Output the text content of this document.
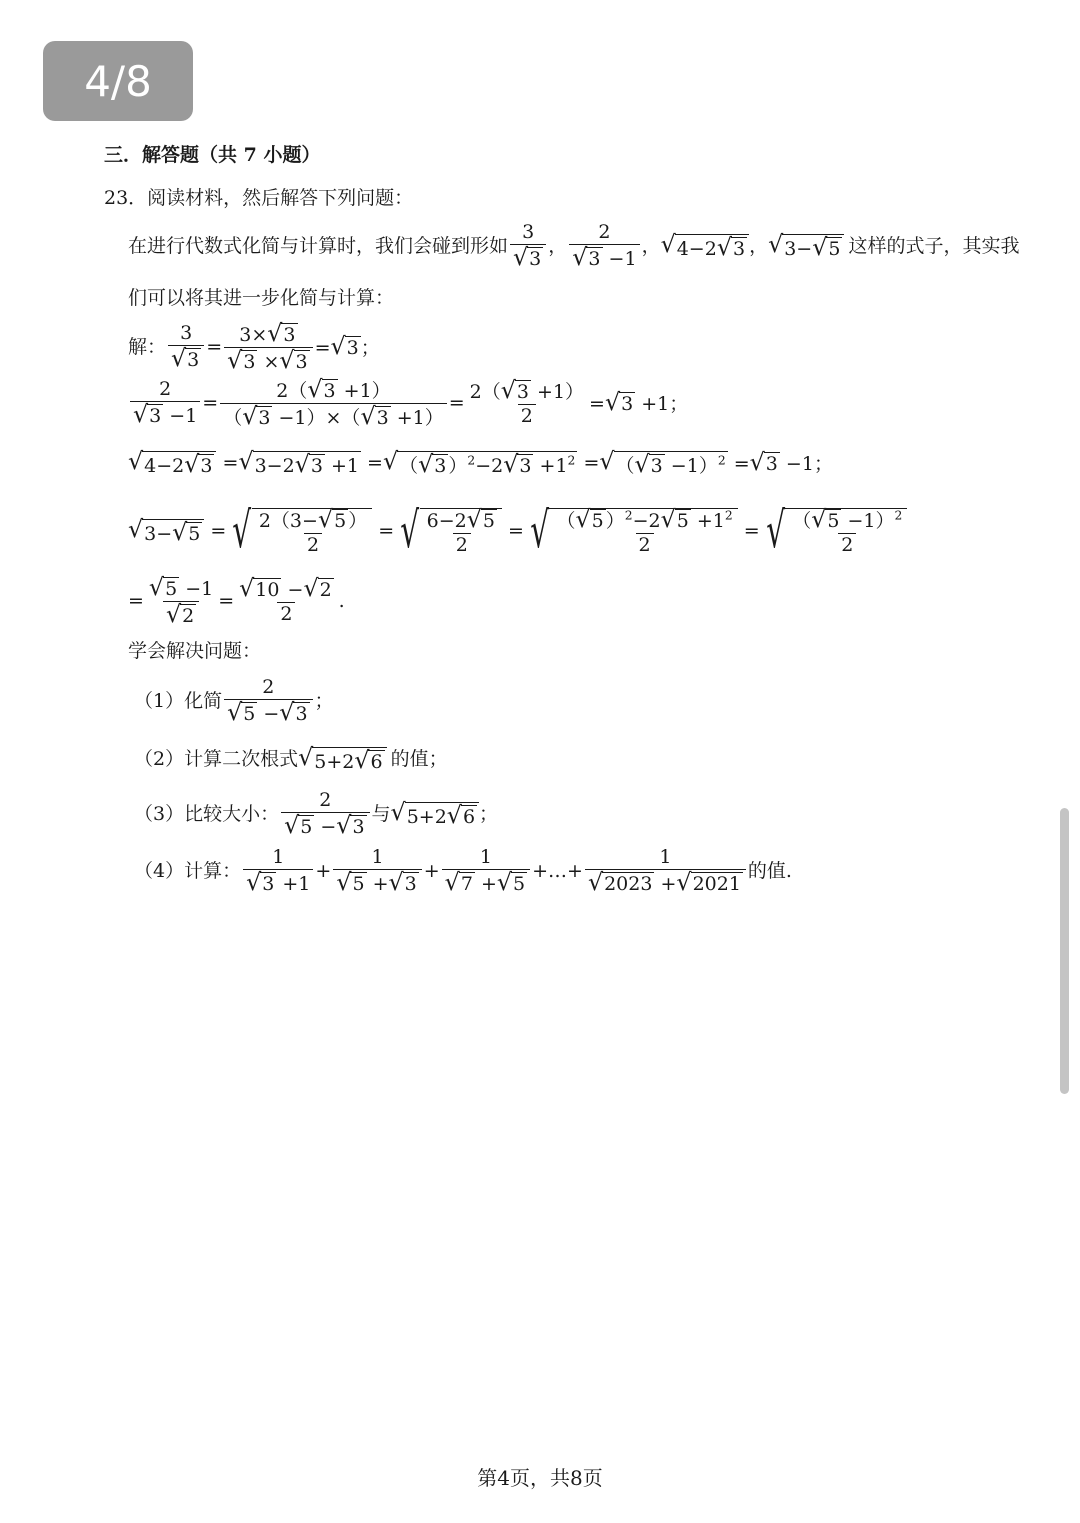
4/8
三．解答题（共 7 小题）
23．阅读材料，然后解答下列问题：
在进行代数式化简与计算时，我们会碰到形如 $\frac{3}{√ 3}$ ， $\frac{2}{√ 3 -1}$ ， √ 4−2 √ 3 ， √ 3− √ 5 这样的式子，其实我
们可以将其进一步化简与计算：
解： $\frac{3}{√ 3} = \frac{3\times √ 3}{√ 3 \times √ 3}$ = √ 3 ；
$\frac{2}{√ 3 -1} = \frac{2( √ 3 +1)}{( √ 3 -1)\times( √ 3 +1)} = \frac{2( √ 3 +1)}{2}$ = √ 3 +1；
√ 4−2 √ 3 = √ 3−2 √ 3 +1 = √ （ √ 3 ）$^2$−2 √ $3 +1^2$ = √ （ √ 3 −1）$^2$ = √ 3 −1；
√ 3− √ 5 = √ $\frac{2(3- √ 5 )}{2}$ = √ $\frac{6-2 √ 5}{2}$ = √ $\frac{( √ 5 )^2-2 √ 5 +1^2}{2}$ = √ $\frac{( √ 5 -1)^2}{2}$
= $\frac{√ 5 -1}{√ 2} = \frac{√ 10 - √ 2}{2}$ .
学会解决问题：
（1）化简 $\frac{2}{√ 5 - √ 3}$ ；
（2）计算二次根式 √ 5+2 √ 6 的值；
（3）比较大小： $\frac{2}{√ 5 - √ 3}$ 与 √ 5+2 √ 6 ；
（4）计算： $\frac{1}{√ 3 +1} + \frac{1}{√ 5 + √ 3} + \frac{1}{√ 7 + √ 5}$ +…+ $\frac{1}{√ 2023 + √ 2021}$ 的值.
第4页，共8页
